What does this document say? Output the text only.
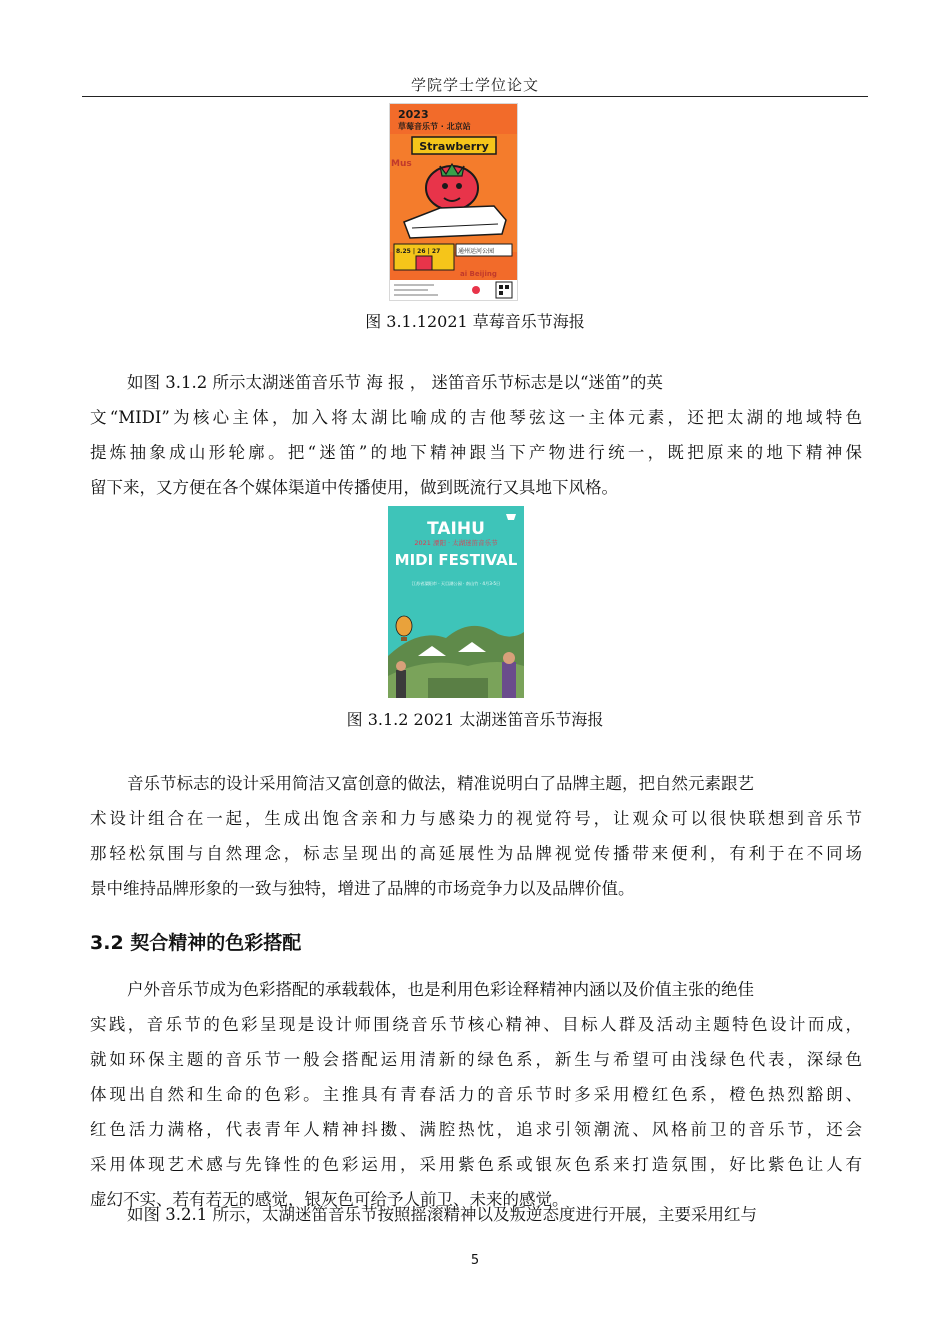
学院学士学位论文
2023
草莓音乐节 · 北京站
Strawberry
Mus
8.25 | 26 | 27	通州运河公园
ai Beijing
图 3.1.12021 草莓音乐节海报
如图 3.1.2 所示太湖迷笛音乐节 海 报 ， 迷笛音乐节标志是以“迷笛”的英
文“MIDI”为核心主体，加入将太湖比喻成的吉他琴弦这一主体元素，还把太湖的地域特色
提炼抽象成山形轮廓。把“迷笛”的地下精神跟当下产物进行统一，既把原来的地下精神保
留下来，又方便在各个媒体渠道中传播使用，做到既流行又具地下风格。
TAIHU
2021 溧阳 · 太湖迷笛音乐节
MIDI FESTIVAL
江苏省溧阳市 · 天目湖公园 · 南山竹 · 4月3-5日
图 3.1.2 2021 太湖迷笛音乐节海报
音乐节标志的设计采用简洁又富创意的做法，精准说明白了品牌主题，把自然元素跟艺
术设计组合在一起，生成出饱含亲和力与感染力的视觉符号，让观众可以很快联想到音乐节
那轻松氛围与自然理念，标志呈现出的高延展性为品牌视觉传播带来便利，有利于在不同场
景中维持品牌形象的一致与独特，增进了品牌的市场竞争力以及品牌价值。
3.2 契合精神的色彩搭配
户外音乐节成为色彩搭配的承载载体，也是利用色彩诠释精神内涵以及价值主张的绝佳
实践，音乐节的色彩呈现是设计师围绕音乐节核心精神、目标人群及活动主题特色设计而成，
就如环保主题的音乐节一般会搭配运用清新的绿色系，新生与希望可由浅绿色代表，深绿色
体现出自然和生命的色彩。主推具有青春活力的音乐节时多采用橙红色系，橙色热烈豁朗、
红色活力满格，代表青年人精神抖擞、满腔热忱，追求引领潮流、风格前卫的音乐节，还会
采用体现艺术感与先锋性的色彩运用，采用紫色系或银灰色系来打造氛围，好比紫色让人有
虚幻不实、若有若无的感觉，银灰色可给予人前卫、未来的感觉。
如图 3.2.1 所示，太湖迷笛音乐节按照摇滚精神以及叛逆态度进行开展，主要采用红与
5
